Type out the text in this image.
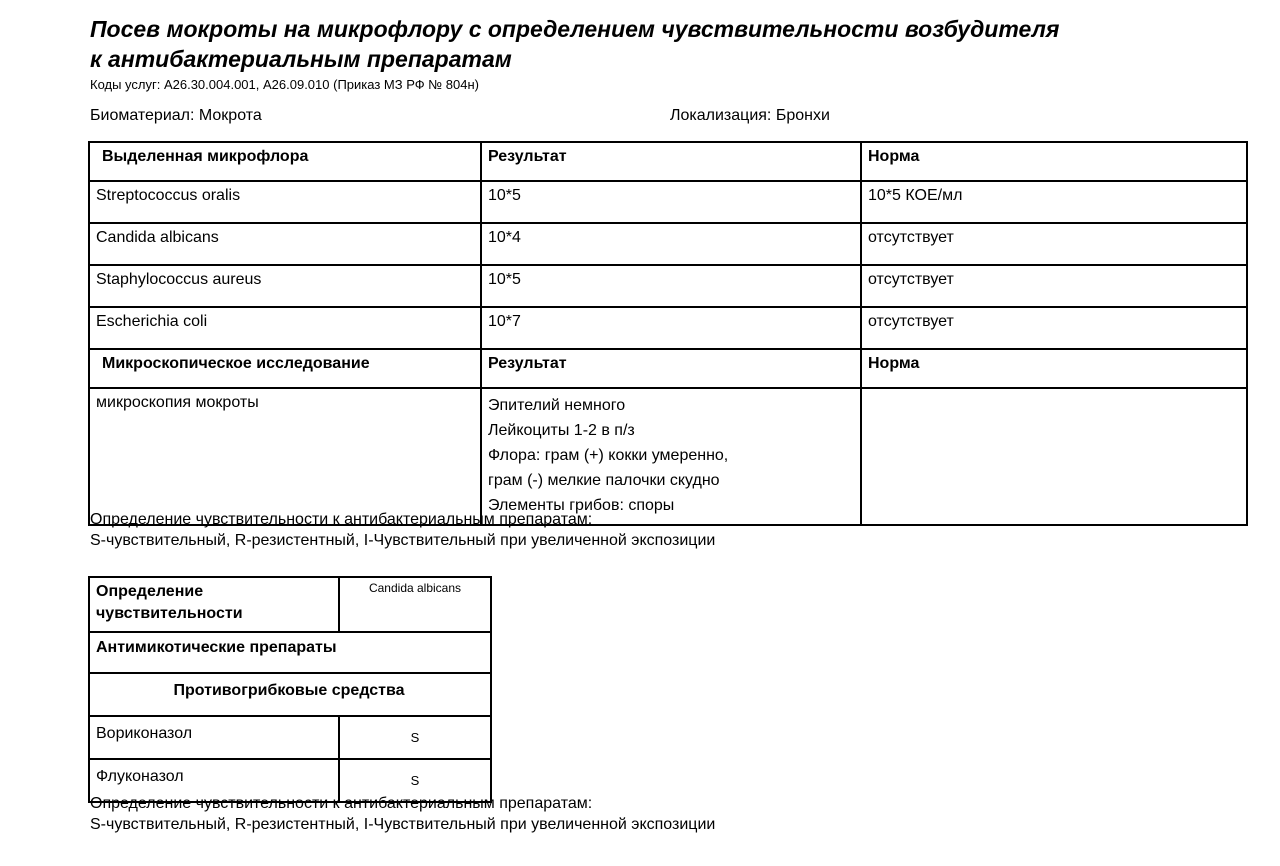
Посев мокроты на микрофлору с определением чувствительности возбудителя
к антибактериальным препаратам
Коды услуг: А26.30.004.001, А26.09.010 (Приказ МЗ РФ № 804н)
Биоматериал: Мокрота	Локализация: Бронхи
Выделенная микрофлора	Результат	Норма
Streptococcus oralis	10*5	10*5 КОЕ/мл
Candida albicans	10*4	отсутствует
Staphylococcus aureus	10*5	отсутствует
Escherichia coli	10*7	отсутствует
Микроскопическое исследование	Результат	Норма
микроскопия мокроты	Эпителий немного
Лейкоциты 1-2 в п/з
Флора: грам (+) кокки умеренно,
грам (-) мелкие палочки скудно
Элементы грибов: споры	

Определение чувствительности к антибактериальным препаратам:
S-чувствительный, R-резистентный, I-Чувствительный при увеличенной экспозиции
Определение чувствительности	Candida albicans
Антимикотические препараты	
Противогрибковые средства	
Вориконазол	S
Флуконазол	S
Определение чувствительности к антибактериальным препаратам:
S-чувствительный, R-резистентный, I-Чувствительный при увеличенной экспозиции
